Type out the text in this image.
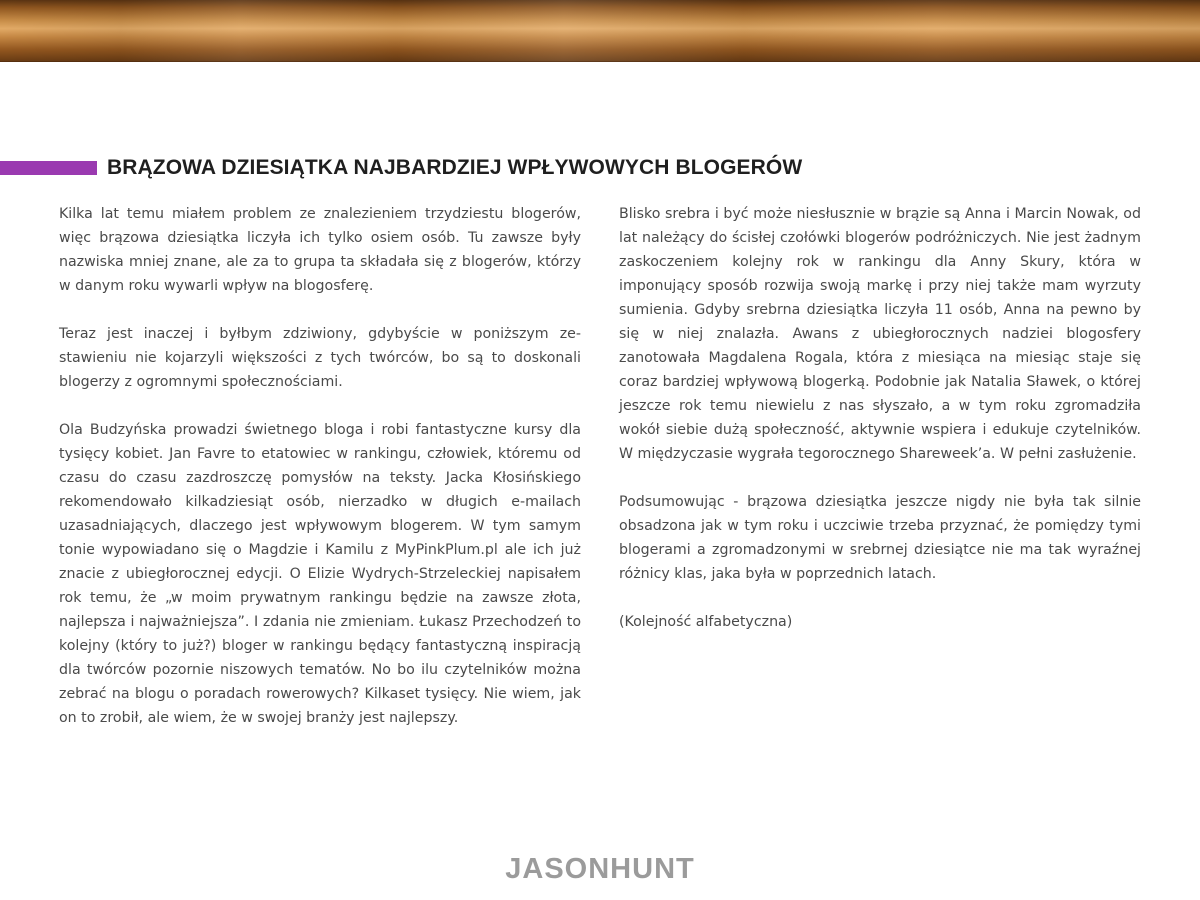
BRĄZOWA DZIESIĄTKA NAJBARDZIEJ WPŁYWOWYCH BLOGERÓW

Kilka lat temu miałem problem ze znalezieniem trzydziestu blogerów, więc brązowa dziesiątka liczyła ich tylko osiem osób. Tu zawsze były nazwiska mniej znane, ale za to grupa ta składała się z blogerów, którzy w danym roku wywarli wpływ na blogosferę.

Teraz jest inaczej i byłbym zdziwiony, gdybyście w poniższym zestawieniu nie kojarzyli większości z tych twórców, bo są to doskonali blogerzy z ogromnymi społecznościami.

Ola Budzyńska prowadzi świetnego bloga i robi fantastyczne kursy dla tysięcy kobiet. Jan Favre to etatowiec w rankingu, człowiek, któremu od czasu do czasu zazdroszczę pomysłów na teksty. Jacka Kłosińskiego rekomendowało kilkadziesiąt osób, nierzadko w długich e-mailach uzasadniających, dlaczego jest wpływowym blogerem. W tym samym tonie wypowiadano się o Magdzie i Kamilu z MyPinkPlum.pl ale ich już znacie z ubiegłorocznej edycji. O Elizie Wydrych-Strzeleckiej napisałem rok temu, że „w moim prywatnym rankingu będzie na zawsze złota, najlepsza i najważniejsza”. I zdania nie zmieniam. Łukasz Przechodzeń to kolejny (który to już?) bloger w rankingu będący fantastyczną inspiracją dla twórców pozornie niszowych tematów. No bo ilu czytelników można zebrać na blogu o poradach rowerowych? Kilkaset tysięcy. Nie wiem, jak on to zrobił, ale wiem, że w swojej branży jest najlepszy.

Blisko srebra i być może niesłusznie w brązie są Anna i Marcin Nowak, od lat należący do ścisłej czołówki blogerów podróżniczych. Nie jest żadnym zaskoczeniem kolejny rok w rankingu dla Anny Skury, która w imponujący sposób rozwija swoją markę i przy niej także mam wyrzuty sumienia. Gdyby srebrna dziesiątka liczyła 11 osób, Anna na pewno by się w niej znalazła. Awans z ubiegłorocznych nadziei blogosfery zanotowała Magdalena Rogala, która z miesiąca na miesiąc staje się coraz bardziej wpływową blogerką. Podobnie jak Natalia Sławek, o której jeszcze rok temu niewielu z nas słyszało, a w tym roku zgromadziła wokół siebie dużą społeczność, aktywnie wspiera i edukuje czytelników. W międzyczasie wygrała tegorocznego Shareweek’a. W pełni zasłużenie.

Podsumowując - brązowa dziesiątka jeszcze nigdy nie była tak silnie obsadzona jak w tym roku i uczciwie trzeba przyznać, że pomiędzy tymi blogerami a zgromadzonymi w srebrnej dziesiątce nie ma tak wyraźnej różnicy klas, jaka była w poprzednich latach.

(Kolejność alfabetyczna)

JASONHUNT
